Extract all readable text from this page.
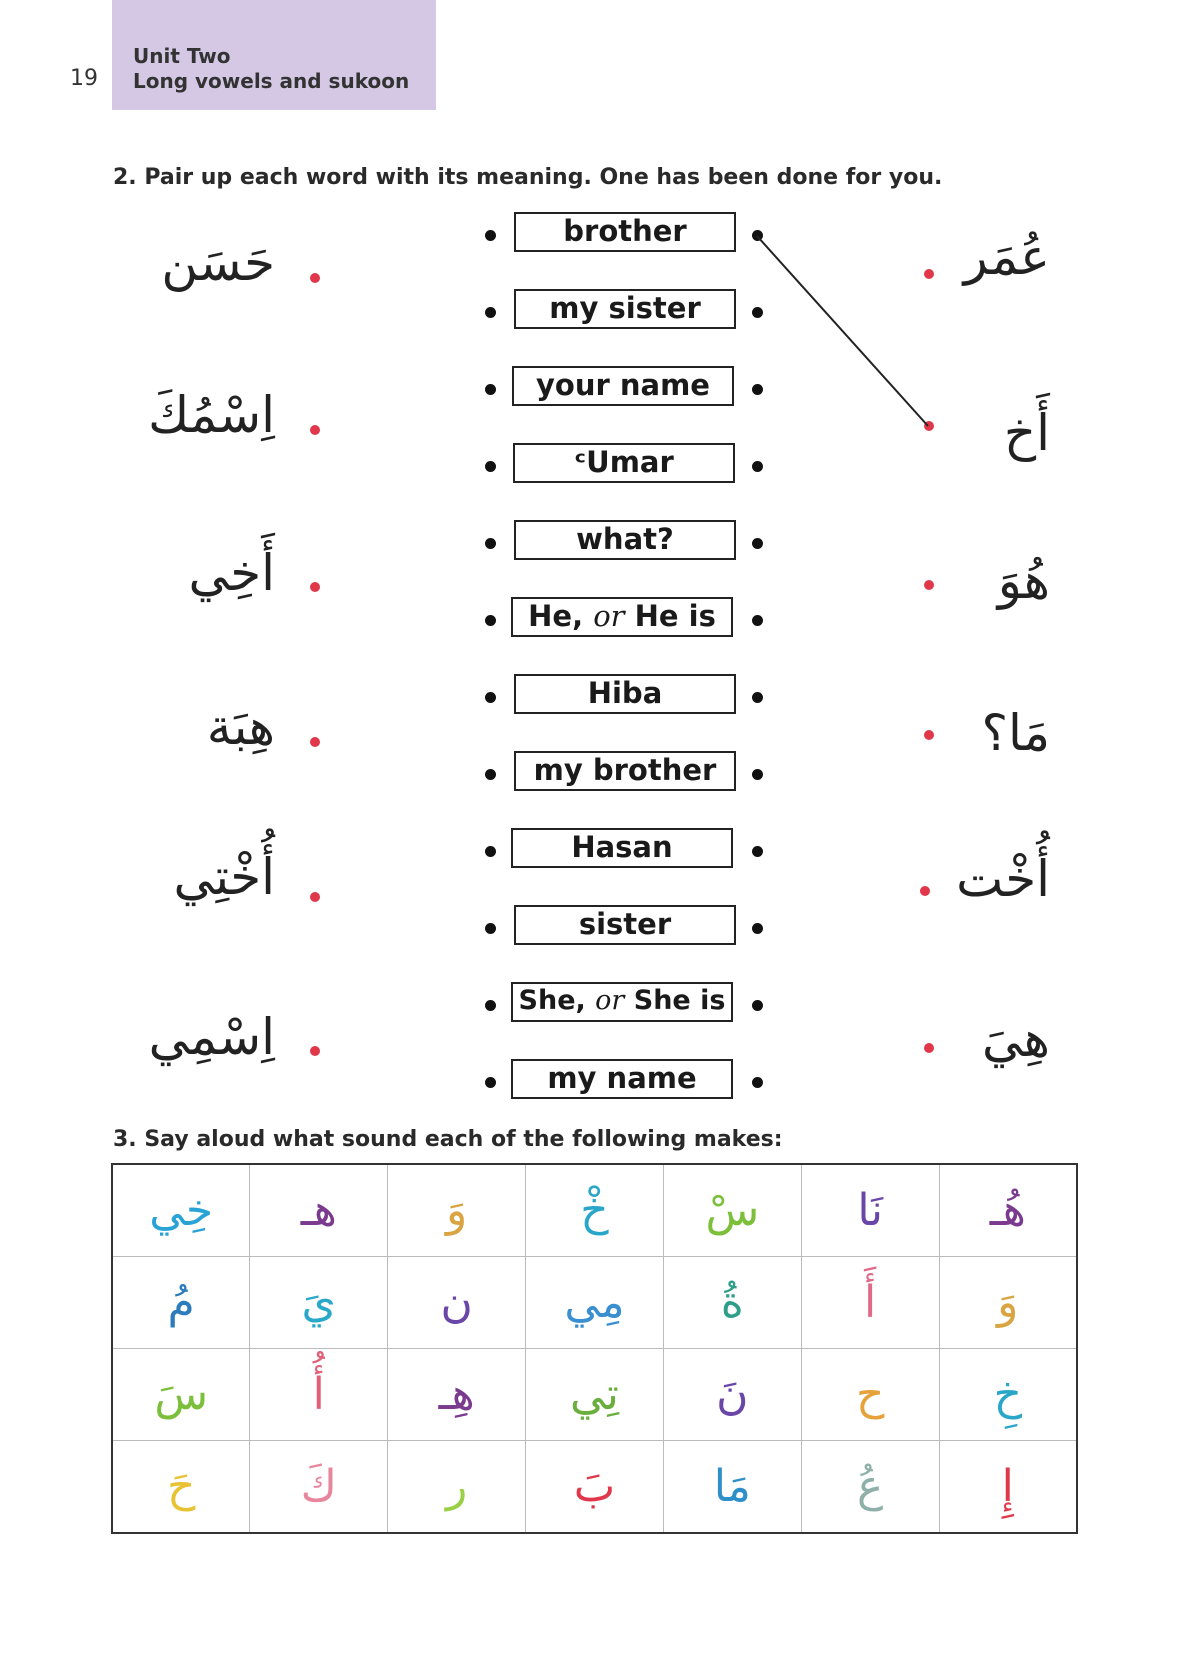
19
Unit Two
Long vowels and sukoon
2. Pair up each word with its meaning. One has been done for you.
حَسَن
اِسْمُكَ
أَخِي
هِبَة
أُخْتِي
اِسْمِي
عُمَر
أَخ
هُوَ
مَا؟
أُخْت
هِيَ
brother
my sister
your name
ᶜUmar
what?
He, or He is
Hiba
my brother
Hasan
sister
She, or She is
my name
3. Say aloud what sound each of the following makes:
خِي	هـ	وَ	خْ	سْ	نَا	هُـ
مُ	يَ	ن	مِي	ةُ	أَ	وَ
سَ	أُ	هِـ	تِي	نَ	ح	خِ
حَ	كَ	ر	بَ	مَا	عُ	إِ
